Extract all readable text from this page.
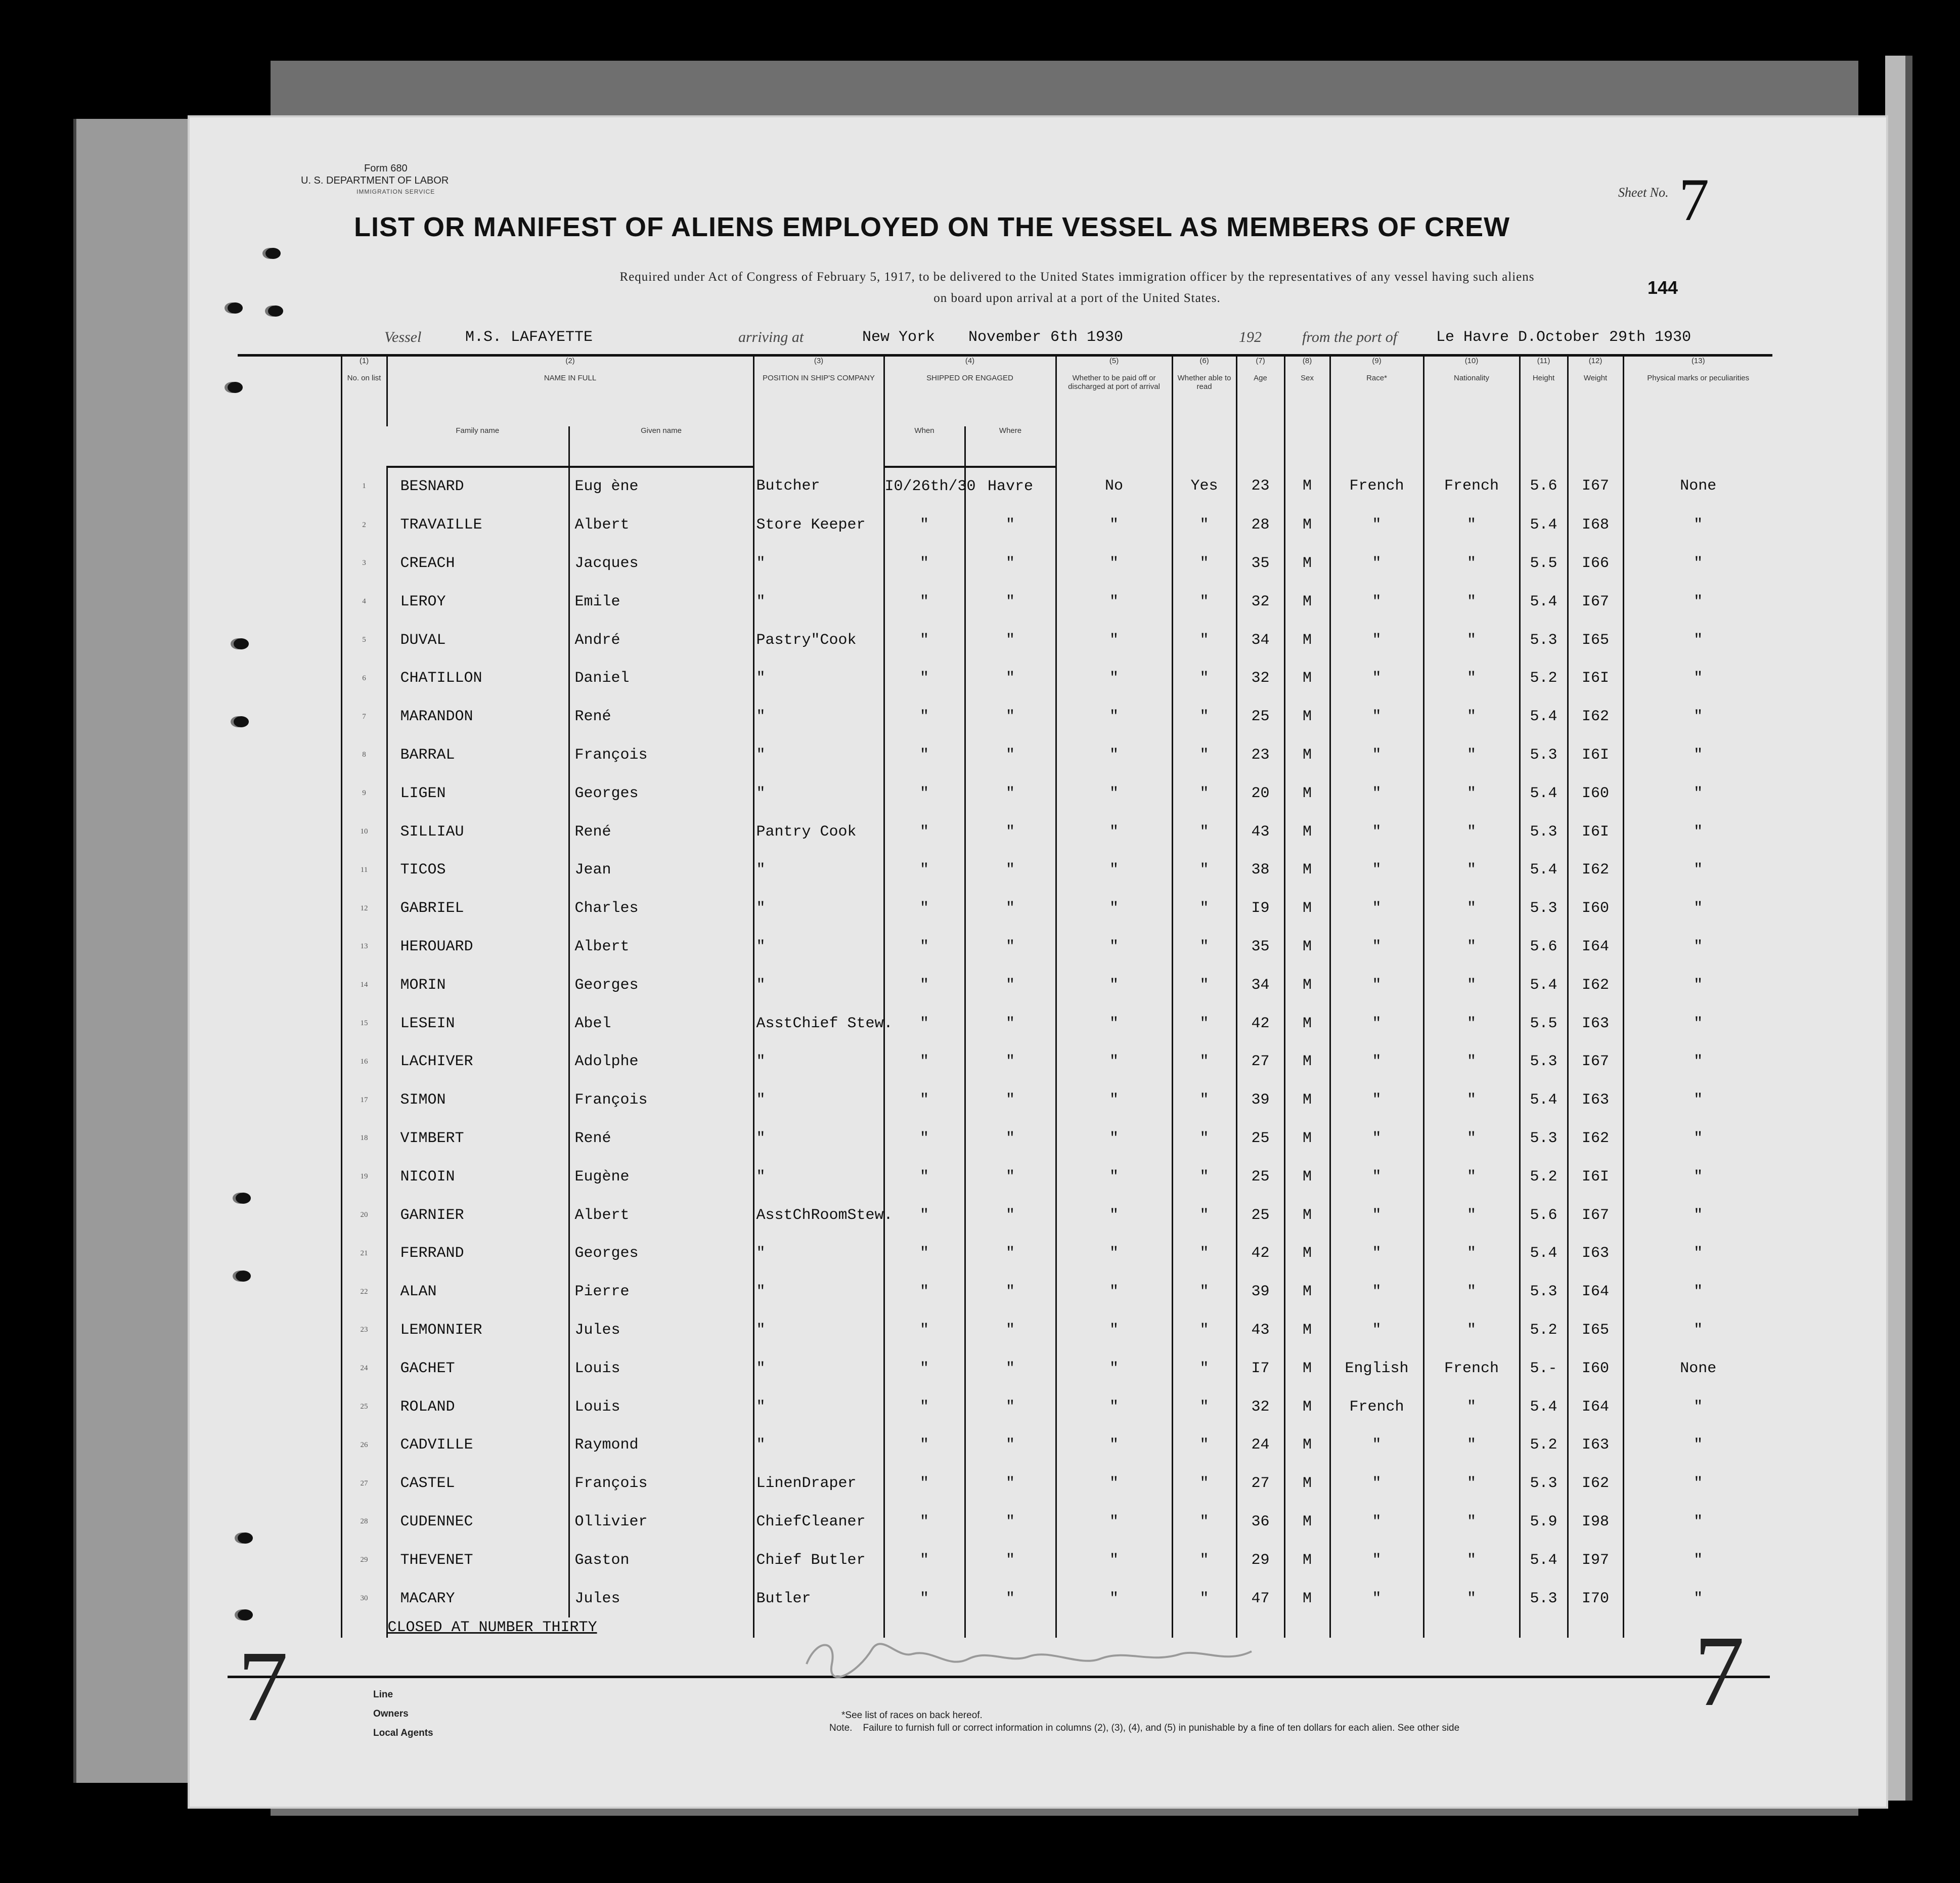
Form 680
U. S. DEPARTMENT OF LABOR
IMMIGRATION SERVICE	Sheet No. 7
LIST OR MANIFEST OF ALIENS EMPLOYED ON THE VESSEL AS MEMBERS OF CREW
Required under Act of Congress of February 5, 1917, to be delivered to the United States immigration officer by the representatives of any vessel having such aliens
on board upon arrival at a port of the United States.
144
Vessel	M.S. LAFAYETTE	arriving at	New York November 6th 1930	192	from the port of	Le Havre D.October 29th 1930

	(1)

No. on list	(2)

NAME IN FULL		(3)

POSITION IN SHIP'S COMPANY	(4)

SHIPPED OR ENGAGED		(5)

Whether to be paid off or discharged at port of arrival	(6)

Whether able to read	(7)

Age	(8)

Sex	(9)

Race*	(10)

Nationality	(11)

Height	(12)

Weight	(13)

Physical marks or peculiarities

		Family name	Given name		When	Where									

	1	BESNARD	Eug ène	Butcher	I0/26th/30	Havre	No	Yes	23	M	French	French	5.6	I67	None
	2	TRAVAILLE	Albert	Store Keeper	"	"	"	"	28	M	"	"	5.4	I68	"
	3	CREACH	Jacques	"	"	"	"	"	35	M	"	"	5.5	I66	"
	4	LEROY	Emile	"	"	"	"	"	32	M	"	"	5.4	I67	"
	5	DUVAL	André	Pastry"Cook	"	"	"	"	34	M	"	"	5.3	I65	"
	6	CHATILLON	Daniel	"	"	"	"	"	32	M	"	"	5.2	I6I	"
	7	MARANDON	René	"	"	"	"	"	25	M	"	"	5.4	I62	"
	8	BARRAL	François	"	"	"	"	"	23	M	"	"	5.3	I6I	"
	9	LIGEN	Georges	"	"	"	"	"	20	M	"	"	5.4	I60	"
	10	SILLIAU	René	Pantry Cook	"	"	"	"	43	M	"	"	5.3	I6I	"
	11	TICOS	Jean	"	"	"	"	"	38	M	"	"	5.4	I62	"
	12	GABRIEL	Charles	"	"	"	"	"	I9	M	"	"	5.3	I60	"
	13	HEROUARD	Albert	"	"	"	"	"	35	M	"	"	5.6	I64	"
	14	MORIN	Georges	"	"	"	"	"	34	M	"	"	5.4	I62	"
	15	LESEIN	Abel	AsstChief Stew.	"	"	"	"	42	M	"	"	5.5	I63	"
	16	LACHIVER	Adolphe	"	"	"	"	"	27	M	"	"	5.3	I67	"
	17	SIMON	François	"	"	"	"	"	39	M	"	"	5.4	I63	"
	18	VIMBERT	René	"	"	"	"	"	25	M	"	"	5.3	I62	"
	19	NICOIN	Eugène	"	"	"	"	"	25	M	"	"	5.2	I6I	"
	20	GARNIER	Albert	AsstChRoomStew.	"	"	"	"	25	M	"	"	5.6	I67	"
	21	FERRAND	Georges	"	"	"	"	"	42	M	"	"	5.4	I63	"
	22	ALAN	Pierre	"	"	"	"	"	39	M	"	"	5.3	I64	"
	23	LEMONNIER	Jules	"	"	"	"	"	43	M	"	"	5.2	I65	"
	24	GACHET	Louis	"	"	"	"	"	I7	M	English	French	5.-	I60	None
	25	ROLAND	Louis	"	"	"	"	"	32	M	French	"	5.4	I64	"
	26	CADVILLE	Raymond	"	"	"	"	"	24	M	"	"	5.2	I63	"
	27	CASTEL	François	LinenDraper	"	"	"	"	27	M	"	"	5.3	I62	"
	28	CUDENNEC	Ollivier	ChiefCleaner	"	"	"	"	36	M	"	"	5.9	I98	"
	29	THEVENET	Gaston	Chief Butler	"	"	"	"	29	M	"	"	5.4	I97	"
	30	MACARY	Jules	Butler	"	"	"	"	47	M	"	"	5.3	I70	"
		CLOSED AT NUMBER THIRTY													
Line
Owners
Local Agents
*See list of races on back hereof.
Note. Failure to furnish full or correct information in columns (2), (3), (4), and (5) in punishable by a fine of ten dollars for each alien. See other side
7	7
